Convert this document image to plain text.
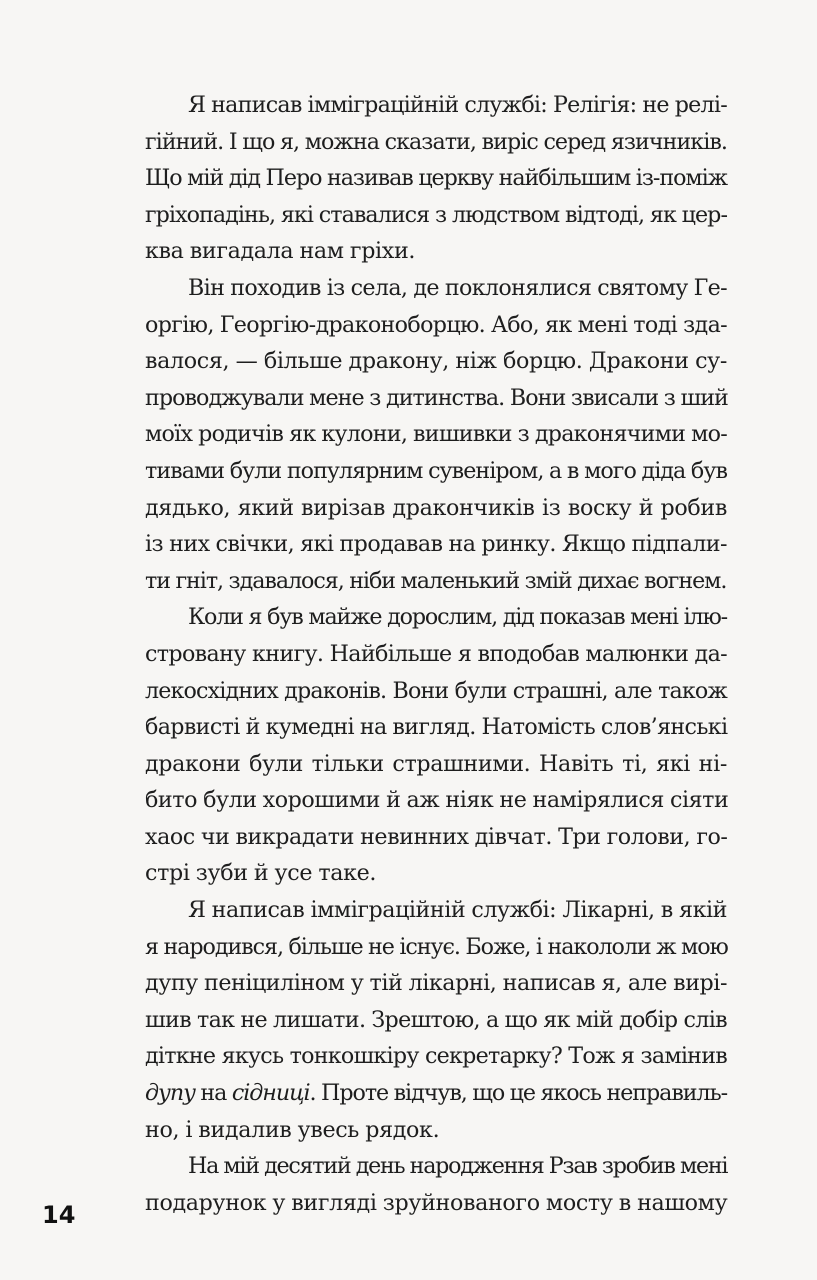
Я написав імміграційній службі: Релігія: не релі-
гійний. І що я, можна сказати, виріс серед язичників.
Що мій дід Перо називав церкву найбільшим із-поміж
гріхопадінь, які ставалися з людством відтоді, як цер-
ква вигадала нам гріхи.
Він походив із села, де поклонялися святому Ге-
оргію, Георгію-драконоборцю. Або, як мені тоді зда-
валося, — більше дракону, ніж борцю. Дракони су-
проводжували мене з дитинства. Вони звисали з ший
моїх родичів як кулони, вишивки з драконячими мо-
тивами були популярним сувеніром, а в мого діда був
дядько, який вирізав дракончиків із воску й робив
із них свічки, які продавав на ринку. Якщо підпали-
ти гніт, здавалося, ніби маленький змій дихає вогнем.
Коли я був майже дорослим, дід показав мені ілю-
стровану книгу. Найбільше я вподобав малюнки да-
лекосхідних драконів. Вони були страшні, але також
барвисті й кумедні на вигляд. Натомість слов’янські
дракони були тільки страшними. Навіть ті, які ні-
бито були хорошими й аж ніяк не намірялися сіяти
хаос чи викрадати невинних дівчат. Три голови, го-
стрі зуби й усе таке.
Я написав імміграційній службі: Лікарні, в якій
я народився, більше не існує. Боже, і накололи ж мою
дупу пеніциліном у тій лікарні, написав я, але вирі-
шив так не лишати. Зрештою, а що як мій добір слів
діткне якусь тонкошкіру секретарку? Тож я замінив
дупу на сідниці. Проте відчув, що це якось неправиль-
но, і видалив увесь рядок.
На мій десятий день народження Рзав зробив мені
подарунок у вигляді зруйнованого мосту в нашому
14
